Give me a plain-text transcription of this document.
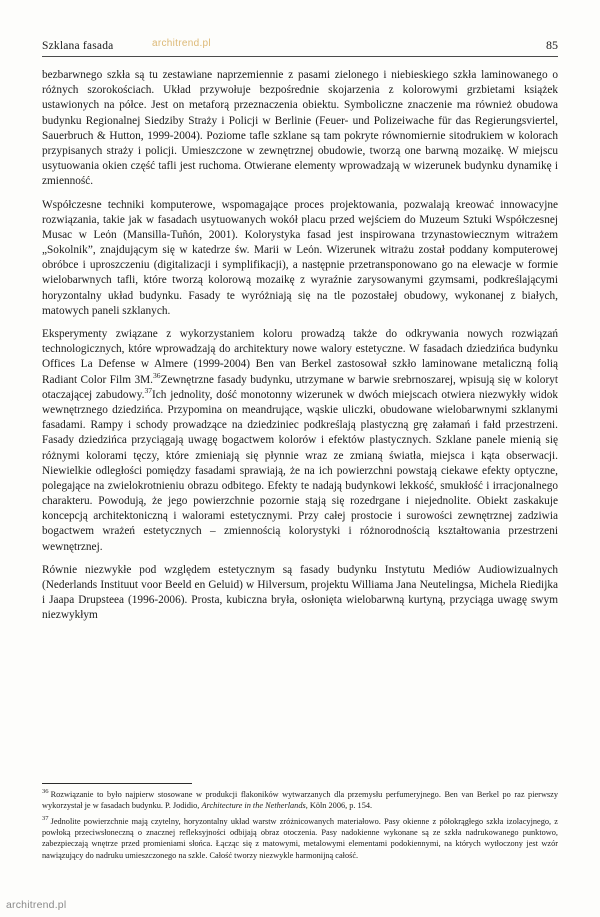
Szklana fasada	architrend.pl	85

bezbarwnego szkła są tu zestawiane naprzemiennie z pasami zielonego i niebieskiego szkła laminowanego o różnych szorokościach. Układ przywołuje bezpośrednie skojarzenia z kolorowymi grzbietami książek ustawionych na półce. Jest on metaforą przeznaczenia obiektu. Symboliczne znaczenie ma również obudowa budynku Regionalnej Siedziby Straży i Policji w Berlinie (Feuer- und Polizeiwache für das Regierungsviertel, Sauerbruch & Hutton, 1999-2004). Poziome tafle szklane są tam pokryte równomiernie sitodrukiem w kolorach przypisanych straży i policji. Umieszczone w zewnętrznej obudowie, tworzą one barwną mozaikę. W miejscu usytuowania okien część tafli jest ruchoma. Otwierane elementy wprowadzają w wizerunek budynku dynamikę i zmienność.

Współczesne techniki komputerowe, wspomagające proces projektowania, pozwalają kreować innowacyjne rozwiązania, takie jak w fasadach usytuowanych wokół placu przed wejściem do Muzeum Sztuki Współczesnej Musac w Leόn (Mansilla-Tuñón, 2001). Kolorystyka fasad jest inspirowana trzynastowiecznym witrażem „Sokolnik”, znajdującym się w katedrze św. Marii w Leόn. Wizerunek witrażu został poddany komputerowej obróbce i uproszczeniu (digitalizacji i symplifikacji), a następnie przetransponowano go na elewacje w formie wielobarwnych tafli, które tworzą kolorową mozaikę z wyraźnie zarysowanymi gzymsami, podkreślającymi horyzontalny układ budynku. Fasady te wyróżniają się na tle pozostałej obudowy, wykonanej z białych, matowych paneli szklanych.

Eksperymenty związane z wykorzystaniem koloru prowadzą także do odkrywania nowych rozwiązań technologicznych, które wprowadzają do architektury nowe walory estetyczne. W fasadach dziedzińca budynku Offices La Defense w Almere (1999-2004) Ben van Berkel zastosował szkło laminowane metaliczną folią Radiant Color Film 3M.$^{36}$Zewnętrzne fasady budynku, utrzymane w barwie srebrnoszarej, wpisują się w koloryt otaczającej zabudowy.$^{37}$Ich jednolity, dość monotonny wizerunek w dwóch miejscach otwiera niezwykły widok wewnętrznego dziedzińca. Przypomina on meandrujące, wąskie uliczki, obudowane wielobarwnymi szklanymi fasadami. Rampy i schody prowadzące na dziedziniec podkreślają plastyczną grę załamań i fałd przestrzeni. Fasady dziedzińca przyciągają uwagę bogactwem kolorów i efektów plastycznych. Szklane panele mienią się różnymi kolorami tęczy, które zmieniają się płynnie wraz ze zmianą światła, miejsca i kąta obserwacji. Niewielkie odległości pomiędzy fasadami sprawiają, że na ich powierzchni powstają ciekawe efekty optyczne, polegające na zwielokrotnieniu obrazu odbitego. Efekty te nadają budynkowi lekkość, smukłość i irracjonalnego charakteru. Powodują, że jego powierzchnie pozornie stają się rozedrgane i niejednolite. Obiekt zaskakuje koncepcją architektoniczną i walorami estetycznymi. Przy całej prostocie i surowości zewnętrznej zadziwia bogactwem wrażeń estetycznych – zmiennością kolorystyki i różnorodnością kształtowania przestrzeni wewnętrznej.

Równie niezwykłe pod względem estetycznym są fasady budynku Instytutu Mediów Audiowizualnych (Nederlands Instituut voor Beeld en Geluid) w Hilversum, projektu Williama Jana Neutelingsa, Michela Riedijka i Jaapa Drupsteea (1996-2006). Prosta, kubiczna bryła, osłonięta wielobarwną kurtyną, przyciąga uwagę swym niezwykłym

$^{36}$ Rozwiązanie to było najpierw stosowane w produkcji flakoników wytwarzanych dla przemysłu perfumeryjnego. Ben van Berkel po raz pierwszy wykorzystał je w fasadach budynku. P. Jodidio, Architecture in the Netherlands, Köln 2006, p. 154.
$^{37}$ Jednolite powierzchnie mają czytelny, horyzontalny układ warstw zróżnicowanych materiałowo. Pasy okienne z półokrągłego szkła izolacyjnego, z powłoką przeciwsłoneczną o znacznej refleksyjności odbijają obraz otoczenia. Pasy nadokienne wykonane są ze szkła nadrukowanego punktowo, zabezpieczają wnętrze przed promieniami słońca. Łącząc się z matowymi, metalowymi elementami podokiennymi, na których wytłoczony jest wzór nawiązujący do nadruku umieszczonego na szkle. Całość tworzy niezwykle harmonijną całość.
architrend.pl
